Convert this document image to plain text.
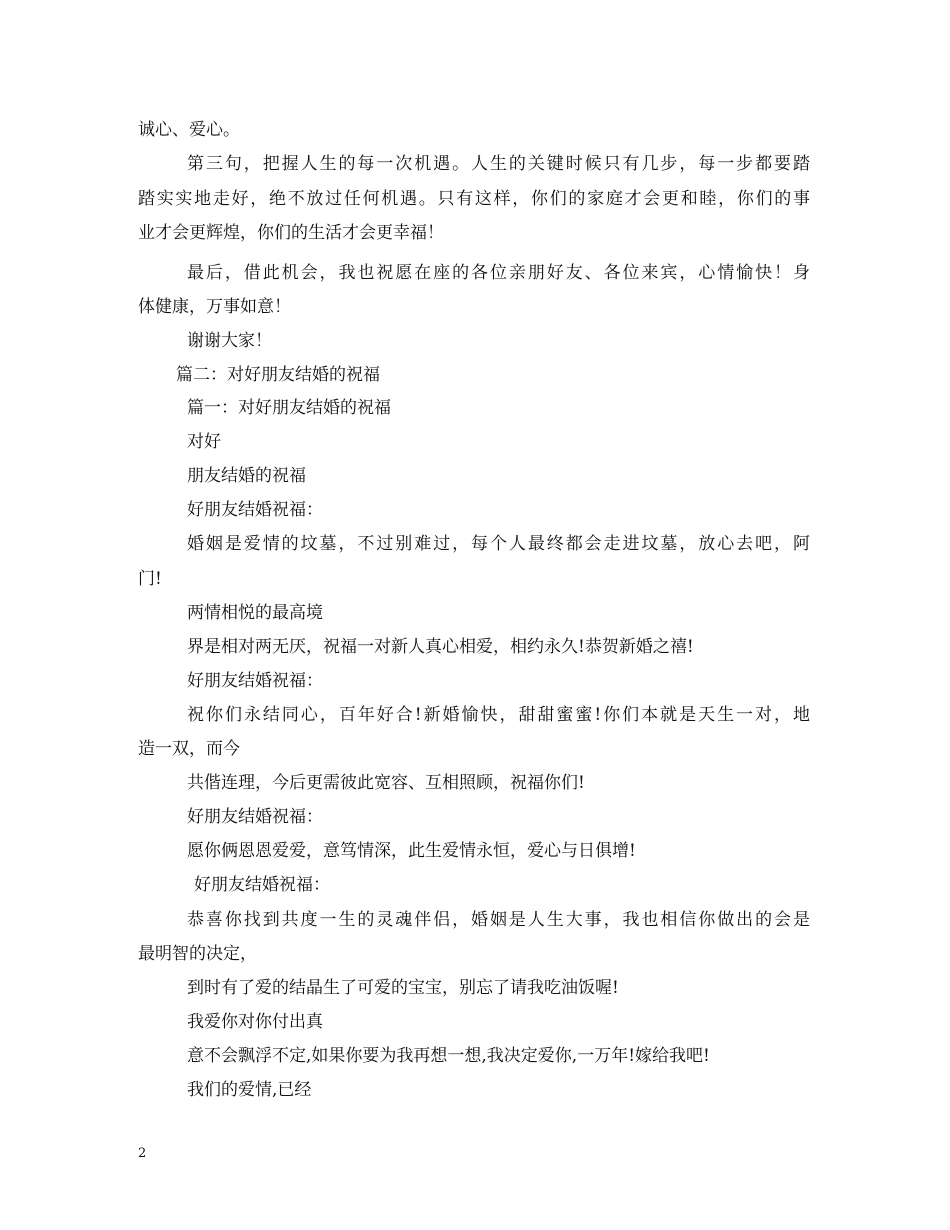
诚心、爱心。
第三句，把握人生的每一次机遇。人生的关键时候只有几步，每一步都要踏
踏实实地走好，绝不放过任何机遇。只有这样，你们的家庭才会更和睦，你们的事
业才会更辉煌，你们的生活才会更幸福！
最后，借此机会，我也祝愿在座的各位亲朋好友、各位来宾，心情愉快！身
体健康，万事如意！
谢谢大家！
篇二：对好朋友结婚的祝福
篇一：对好朋友结婚的祝福
对好
朋友结婚的祝福
好朋友结婚祝福：
婚姻是爱情的坟墓，不过别难过，每个人最终都会走进坟墓，放心去吧，阿
门!
两情相悦的最高境
界是相对两无厌，祝福一对新人真心相爱，相约永久!恭贺新婚之禧!
好朋友结婚祝福：
祝你们永结同心，百年好合!新婚愉快，甜甜蜜蜜!你们本就是天生一对，地
造一双，而今
共偕连理，今后更需彼此宽容、互相照顾，祝福你们!
好朋友结婚祝福：
愿你俩恩恩爱爱，意笃情深，此生爱情永恒，爱心与日俱增!
好朋友结婚祝福：
恭喜你找到共度一生的灵魂伴侣，婚姻是人生大事，我也相信你做出的会是
最明智的决定，
到时有了爱的结晶生了可爱的宝宝，别忘了请我吃油饭喔!
我爱你对你付出真
意不会飘浮不定,如果你要为我再想一想,我决定爱你,一万年!嫁给我吧!
我们的爱情,已经
2
